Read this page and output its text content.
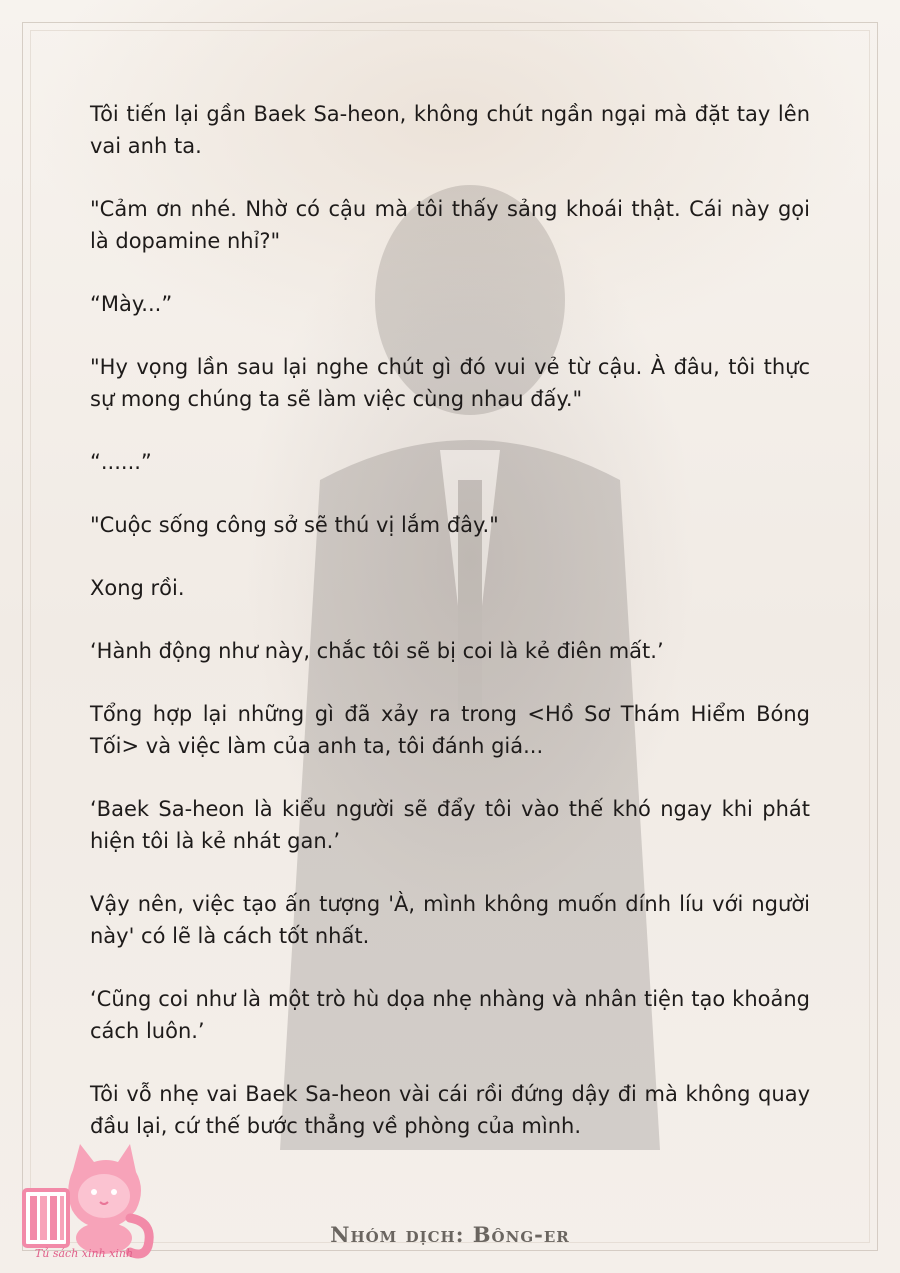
Tôi tiến lại gần Baek Sa-heon, không chút ngần ngại mà đặt tay lên vai anh ta.

"Cảm ơn nhé. Nhờ có cậu mà tôi thấy sảng khoái thật. Cái này gọi là dopamine nhỉ?"

“Mày...”

"Hy vọng lần sau lại nghe chút gì đó vui vẻ từ cậu. À đâu, tôi thực sự mong chúng ta sẽ làm việc cùng nhau đấy."

“......”

"Cuộc sống công sở sẽ thú vị lắm đây."

Xong rồi.

‘Hành động như này, chắc tôi sẽ bị coi là kẻ điên mất.’

Tổng hợp lại những gì đã xảy ra trong <Hồ Sơ Thám Hiểm Bóng Tối> và việc làm của anh ta, tôi đánh giá...

‘Baek Sa-heon là kiểu người sẽ đẩy tôi vào thế khó ngay khi phát hiện tôi là kẻ nhát gan.’

Vậy nên, việc tạo ấn tượng 'À, mình không muốn dính líu với người này' có lẽ là cách tốt nhất.

‘Cũng coi như là một trò hù dọa nhẹ nhàng và nhân tiện tạo khoảng cách luôn.’

Tôi vỗ nhẹ vai Baek Sa-heon vài cái rồi đứng dậy đi mà không quay đầu lại, cứ thế bước thẳng về phòng của mình.

Tủ sách xinh xinh
Nhóm dịch: Bông-er
